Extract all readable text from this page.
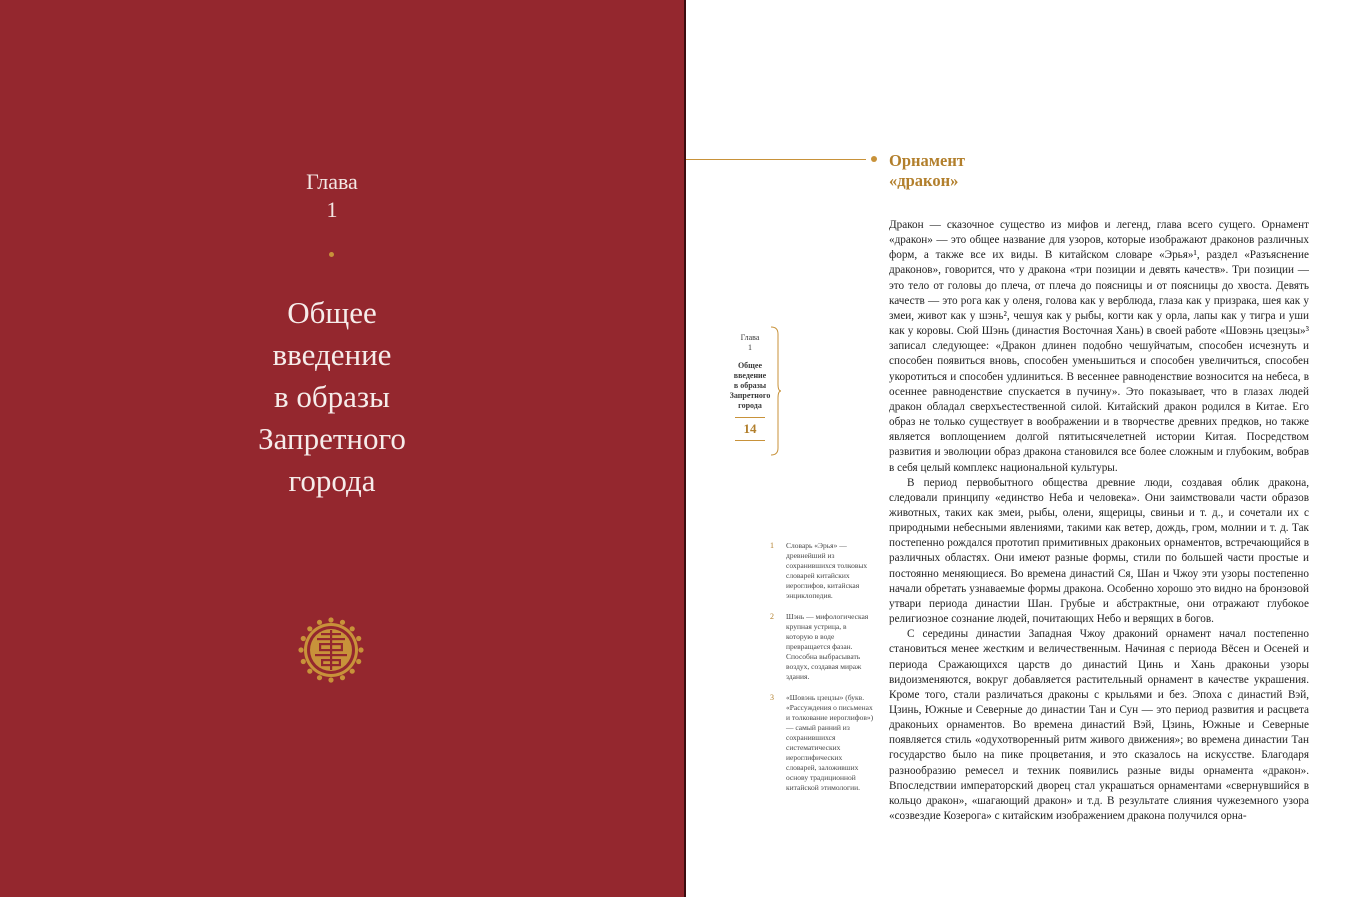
Глава
1
Общее
введение
в образы
Запретного
города
Орнамент
«дракон»
Глава
1
Общее
введение
в образы
Запретного
города
14
1 Словарь «Эрья» — древнейший из сохранившихся толковых словарей китайских иероглифов, китайская энциклопедия.
2 Шэнь — мифологическая крупная устрица, в которую в воде превращается фазан. Способна выбрасывать воздух, создавая мираж здания.
3 «Шовэнь цзецзы» (букв. «Рассуждения о письменах и толкование иероглифов») — самый ранний из сохранившихся систематических иероглифических словарей, заложивших основу традиционной китайской этимологии.

Дракон — сказочное существо из мифов и легенд, глава всего сущего. Орнамент «дракон» — это общее название для узоров, которые изображают драконов различных форм, а также все их виды. В китайском словаре «Эрья»¹, раздел «Разъяснение драконов», говорится, что у дракона «три позиции и девять качеств». Три позиции — это тело от головы до плеча, от плеча до поясницы и от поясницы до хвоста. Девять качеств — это рога как у оленя, голова как у верблюда, глаза как у призрака, шея как у змеи, живот как у шэнь², чешуя как у рыбы, когти как у орла, лапы как у тигра и уши как у коровы. Сюй Шэнь (династия Восточная Хань) в своей работе «Шовэнь цзецзы»³ записал следующее: «Дракон длинен подобно чешуйчатым, способен исчезнуть и способен появиться вновь, способен уменьшиться и способен увеличиться, способен укоротиться и способен удлиниться. В весеннее равноденствие возносится на небеса, в осеннее равноденствие спускается в пучину». Это показывает, что в глазах людей дракон обладал сверхъестественной силой. Китайский дракон родился в Китае. Его образ не только существует в воображении и в творчестве древних предков, но также является воплощением долгой пятитысячелетней истории Китая. Посредством развития и эволюции образ дракона становился все более сложным и глубоким, вобрав в себя целый комплекс национальной культуры.

В период первобытного общества древние люди, создавая облик дракона, следовали принципу «единство Неба и человека». Они заимствовали части образов животных, таких как змеи, рыбы, олени, ящерицы, свиньи и т. д., и сочетали их с природными небесными явлениями, такими как ветер, дождь, гром, молнии и т. д. Так постепенно рождался прототип примитивных драконьих орнаментов, встречающийся в различных областях. Они имеют разные формы, стили по большей части простые и постоянно меняющиеся. Во времена династий Ся, Шан и Чжоу эти узоры постепенно начали обретать узнаваемые формы дракона. Особенно хорошо это видно на бронзовой утвари периода династии Шан. Грубые и абстрактные, они отражают глубокое религиозное сознание людей, почитающих Небо и верящих в богов.

С середины династии Западная Чжоу драконий орнамент начал постепенно становиться менее жестким и величественным. Начиная с периода Вёсен и Осеней и периода Сражающихся царств до династий Цинь и Хань драконьи узоры видоизменяются, вокруг добавляется растительный орнамент в качестве украшения. Кроме того, стали различаться драконы с крыльями и без. Эпоха с династий Вэй, Цзинь, Южные и Северные до династии Тан и Сун — это период развития и расцвета драконьих орнаментов. Во времена династий Вэй, Цзинь, Южные и Северные появляется стиль «одухотворенный ритм живого движения»; во времена династии Тан государство было на пике процветания, и это сказалось на искусстве. Благодаря разнообразию ремесел и техник появились разные виды орнамента «дракон». Впоследствии императорский дворец стал украшаться орнаментами «свернувшийся в кольцо дракон», «шагающий дракон» и т.д. В результате слияния чужеземного узора «созвездие Козерога» с китайским изображением дракона получился орна-
